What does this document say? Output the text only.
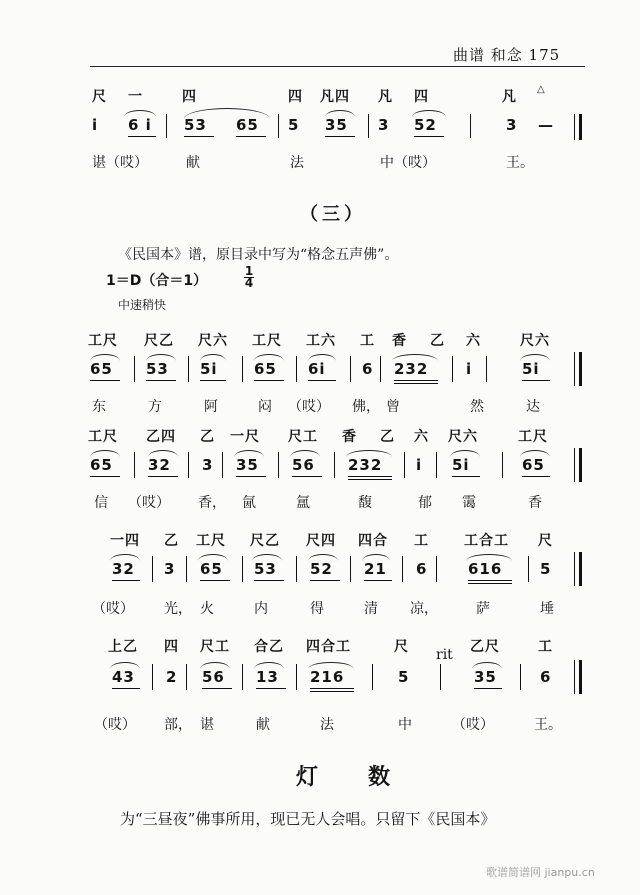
曲谱 和念 175
尺 一	四	四 凡四 凡 四	凡 △
i 6 i 53 65 5 35 3 52	3 —
谌（哎）	献	法	中（哎）	王。
（三）
《民国本》谱，原目录中写为“格念五声佛”。
1＝D（合＝1）
1
4
中速稍快
工尺 尺乙 尺六 工尺 工六 工 香 乙 六	尺六
65 53 5i 65 6i 6 232	i	5i
东	方	阿	闷 （哎） 佛， 曾	然	达
工尺 乙四 乙 一尺 尺工 香 乙 六 尺六	工尺
65 32 3 35 56 232 i 5i	65
信 （哎） 香， 氤	氲	馥	郁 霭	香
一四 乙 工尺 尺乙 尺四 四合 工	工合工 尺
32 3 65 53 52 21 6	616	5
（哎） 光， 火	内	得	清 凉，	萨	埵
上乙 四 尺工 合乙 四合工	尺	乙尺	工
43 2 56 13 216	5	35	6
（哎） 部， 谌	献	法	中	（哎）	王。
rit
灯　　数
为“三昼夜”佛事所用，现已无人会唱。只留下《民国本》
歌谱简谱网 jianpu.cn
